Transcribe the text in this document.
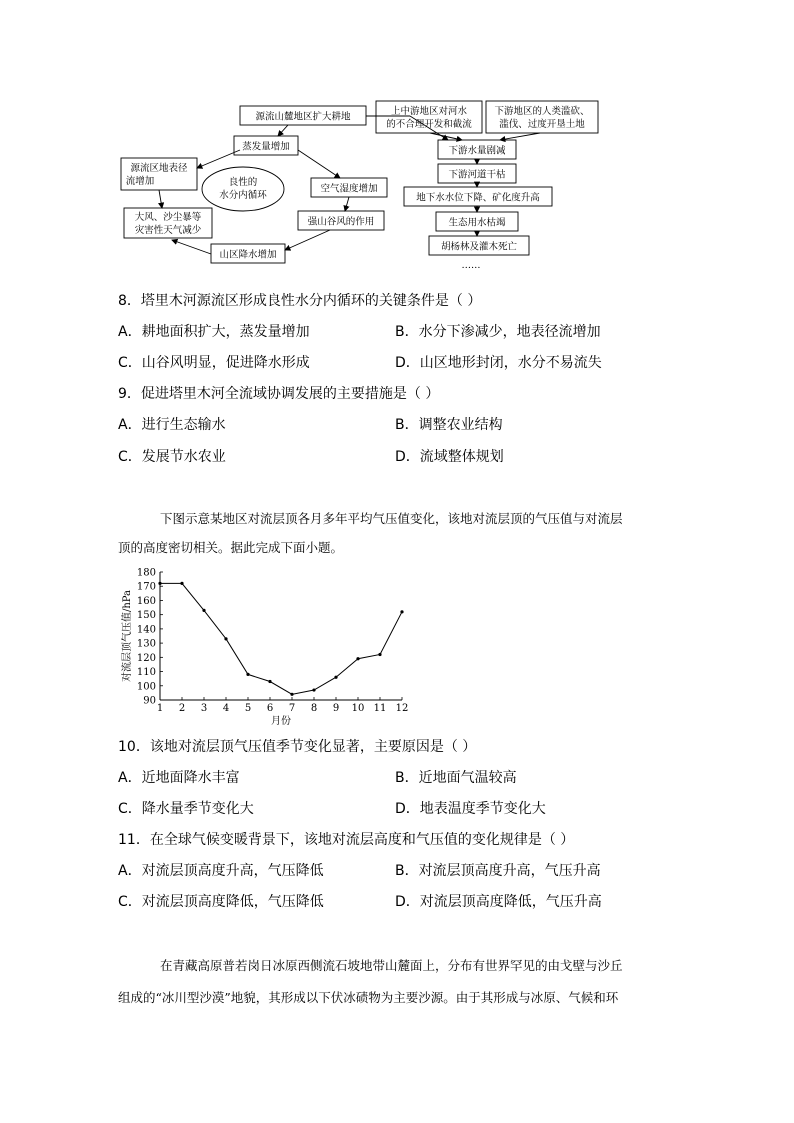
源流山麓地区扩大耕地	上中游地区对河水
的不合理开发和截流
下游地区的人类滥砍、
滥伐、过度开垦土地
蒸发量增加
源流区地表径
流增加	良性的
水分内循环
空气湿度增加
大风、沙尘暴等
灾害性天气减少
强山谷风的作用
山区降水增加
下游水量剧减
下游河道干枯
地下水水位下降、矿化度升高
生态用水枯竭
胡杨林及灌木死亡
……
8．塔里木河源流区形成良性水分内循环的关键条件是（ ）
A．耕地面积扩大，蒸发量增加	B．水分下渗减少，地表径流增加
C．山谷风明显，促进降水形成	D．山区地形封闭，水分不易流失
9．促进塔里木河全流域协调发展的主要措施是（ ）
A．进行生态输水	B．调整农业结构
C．发展节水农业	D．流域整体规划
下图示意某地区对流层顶各月多年平均气压值变化，该地对流层顶的气压值与对流层
顶的高度密切相关。据此完成下面小题。
90
100
110
120
130
140
150
160
170
180
1 2 3 4 5 6 7 8 9 10 11 12
月份
对流层顶气压值/hPa
10．该地对流层顶气压值季节变化显著，主要原因是（ ）
A．近地面降水丰富	B．近地面气温较高
C．降水量季节变化大	D．地表温度季节变化大
11．在全球气候变暖背景下，该地对流层高度和气压值的变化规律是（ ）
A．对流层顶高度升高，气压降低	B．对流层顶高度升高，气压升高
C．对流层顶高度降低，气压降低	D．对流层顶高度降低，气压升高
在青藏高原普若岗日冰原西侧流石坡地带山麓面上，分布有世界罕见的由戈壁与沙丘
组成的“冰川型沙漠”地貌，其形成以下伏冰碛物为主要沙源。由于其形成与冰原、气候和环
